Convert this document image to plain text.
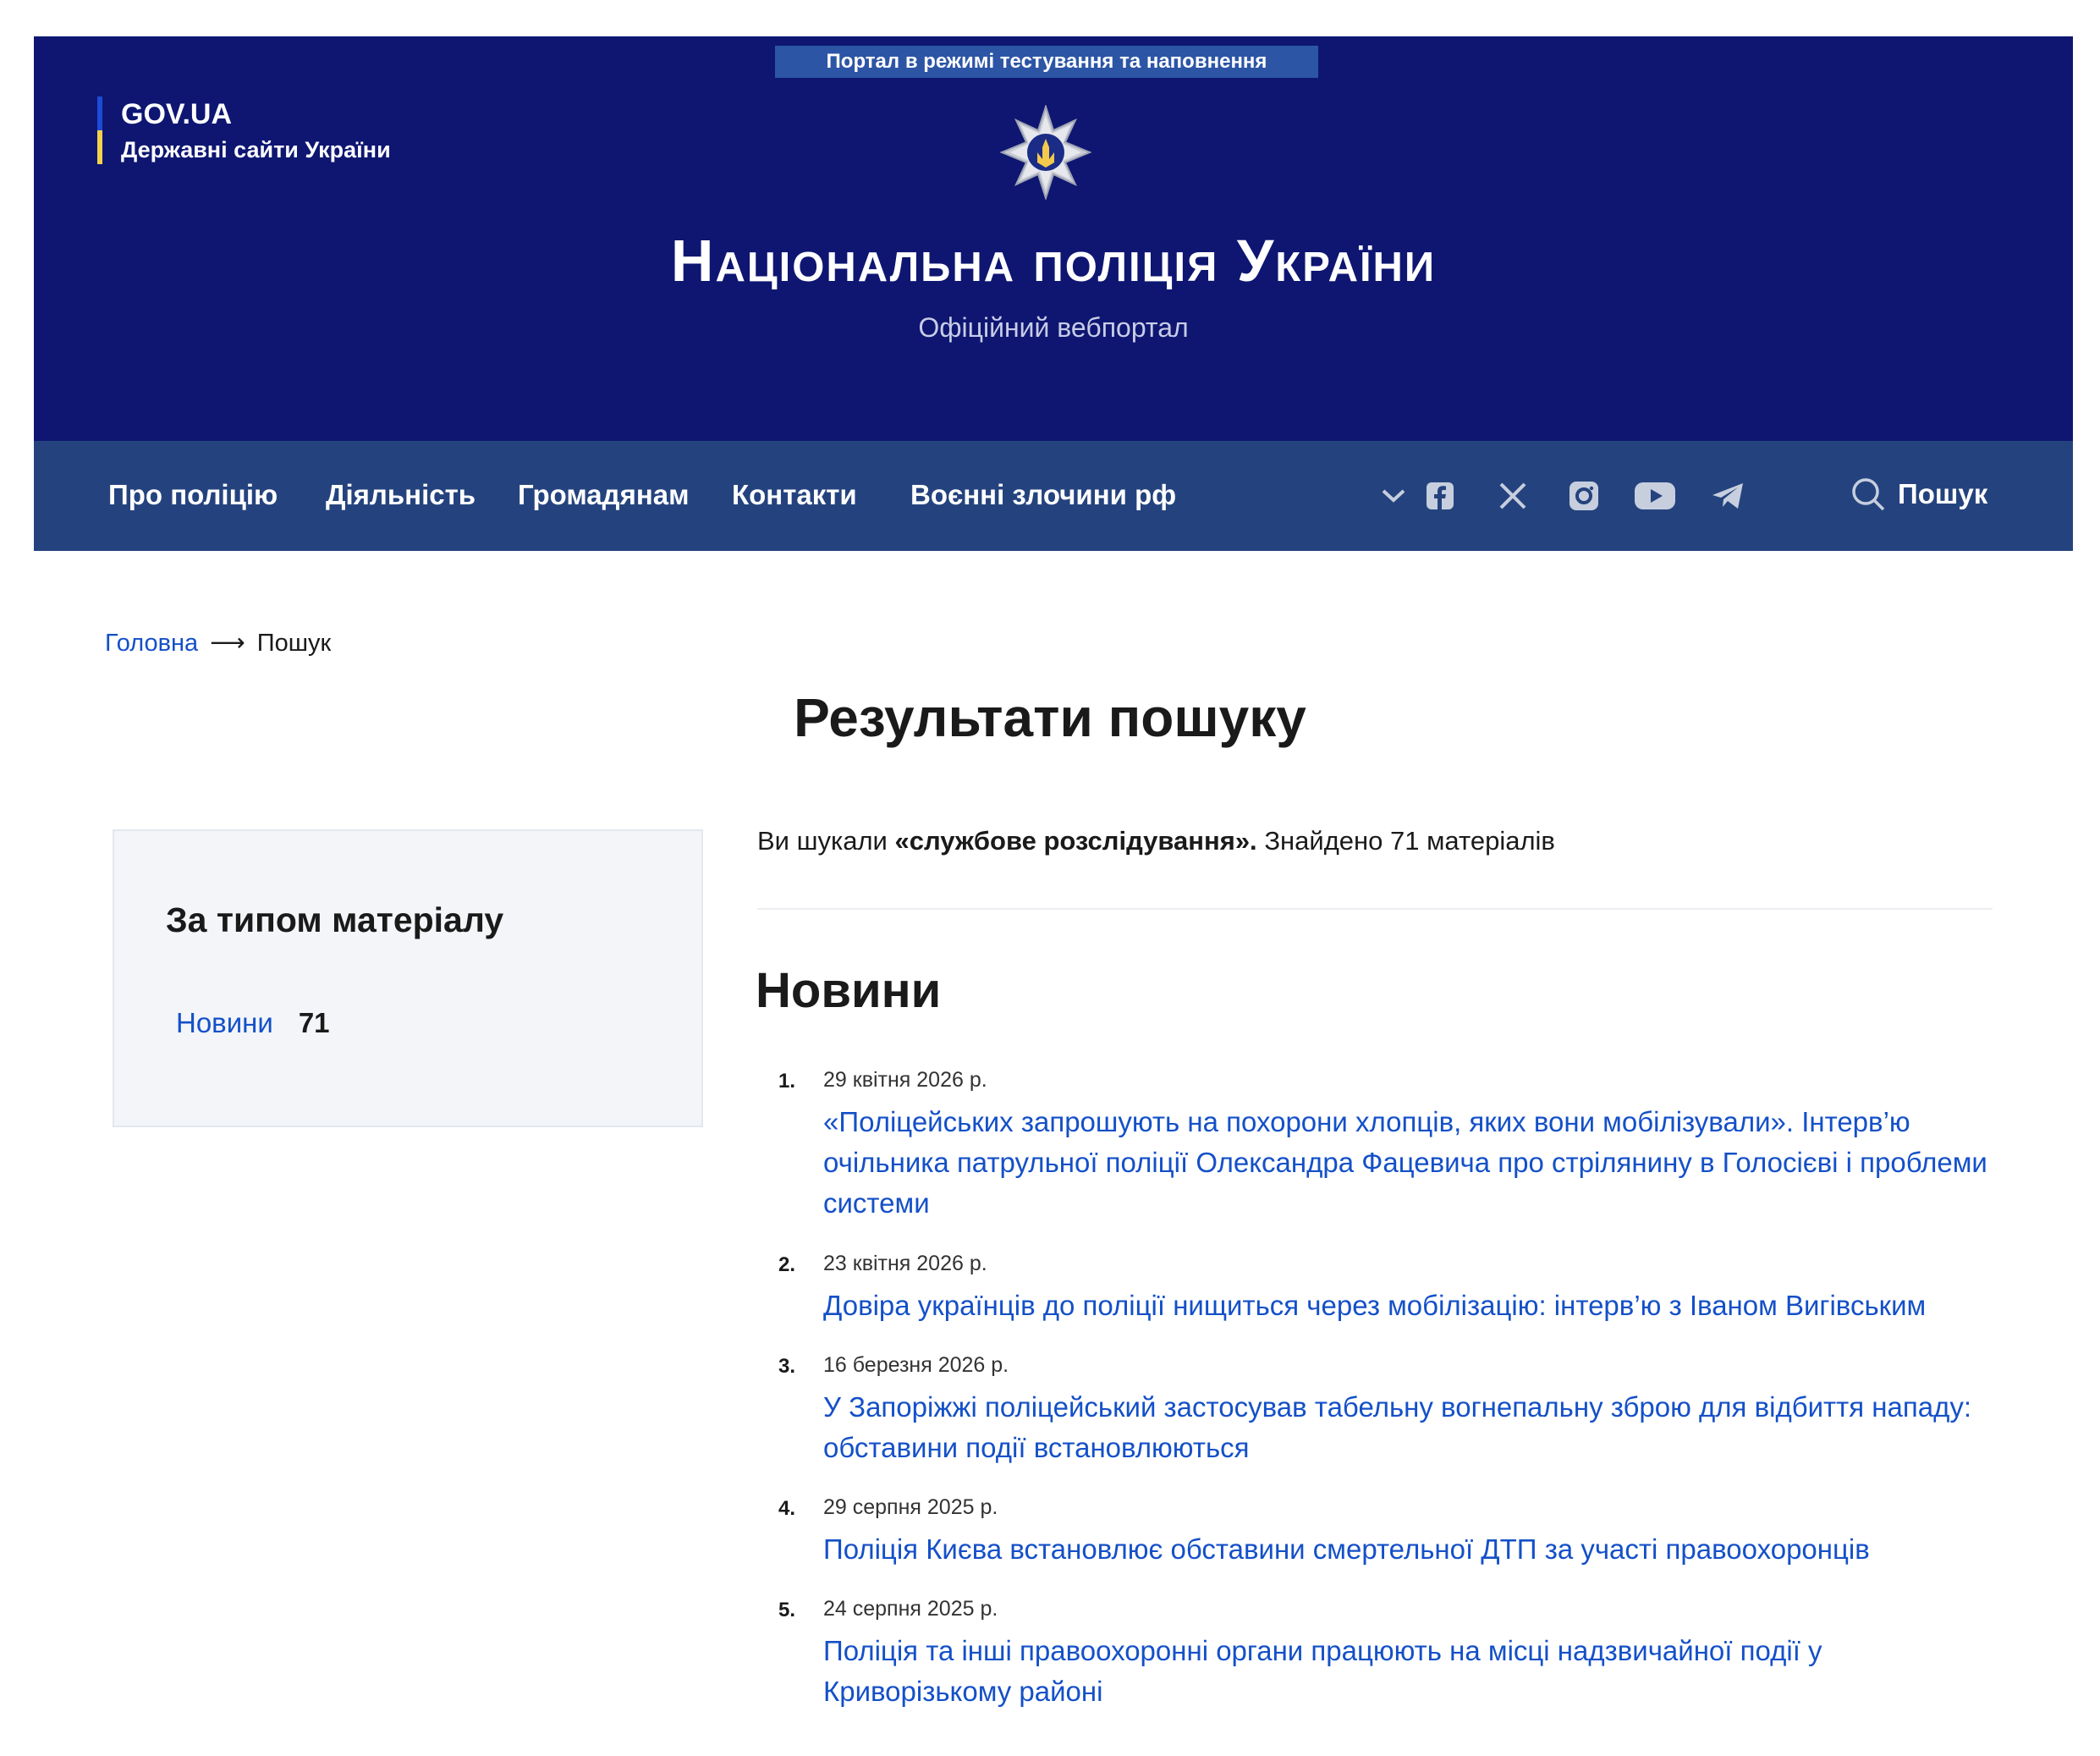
Портал в режимі тестування та наповнення
GOV.UA
Державні сайти України
Національна поліція України
Офіційний вебпортал
Про поліцію Діяльність Громадянам Контакти Воєнні злочини рф	Пошук
Головна ⟶ Пошук
Результати пошуку
За типом матеріалу
Новини 71
Ви шукали «службове розслідування». Знайдено 71 матеріалів
Новини
1. 29 квітня 2026 р.
«Поліцейських запрошують на похорони хлопців, яких вони мобілізували». Інтерв’ю очільника патрульної поліції Олександра Фацевича про стрілянину в Голосієві і проблеми системи
2. 23 квітня 2026 р.
Довіра українців до поліції нищиться через мобілізацію: інтерв’ю з Іваном Вигівським
3. 16 березня 2026 р.
У Запоріжжі поліцейський застосував табельну вогнепальну зброю для відбиття нападу: обставини події встановлюються
4. 29 серпня 2025 р.
Поліція Києва встановлює обставини смертельної ДТП за участі правоохоронців
5. 24 серпня 2025 р.
Поліція та інші правоохоронні органи працюють на місці надзвичайної події у Криворізькому районі
